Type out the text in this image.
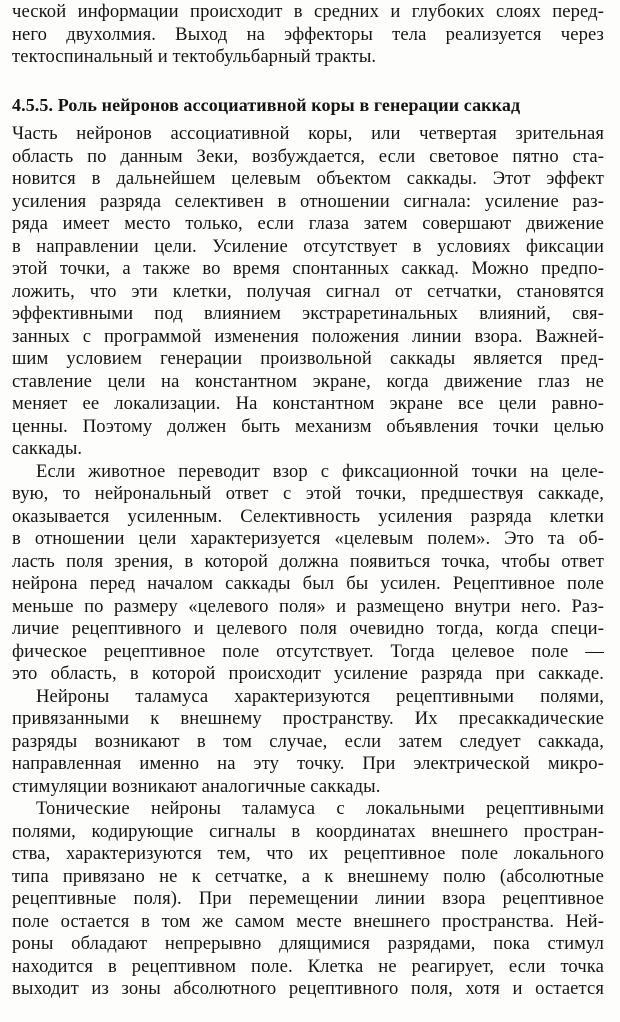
ческой информации происходит в средних и глубоких слоях перед-
него двухолмия. Выход на эффекторы тела реализуется через
тектоспинальный и тектобульбарный тракты.
4.5.5. Роль нейронов ассоциативной коры в генерации саккад
Часть нейронов ассоциативной коры, или четвертая зрительная
область по данным Зеки, возбуждается, если световое пятно ста-
новится в дальнейшем целевым объектом саккады. Этот эффект
усиления разряда селективен в отношении сигнала: усиление раз-
ряда имеет место только, если глаза затем совершают движение
в направлении цели. Усиление отсутствует в условиях фиксации
этой точки, а также во время спонтанных саккад. Можно предпо-
ложить, что эти клетки, получая сигнал от сетчатки, становятся
эффективными под влиянием экстраретинальных влияний, свя-
занных с программой изменения положения линии взора. Важней-
шим условием генерации произвольной саккады является пред-
ставление цели на константном экране, когда движение глаз не
меняет ее локализации. На константном экране все цели равно-
ценны. Поэтому должен быть механизм объявления точки целью
саккады.
Если животное переводит взор с фиксационной точки на целе-
вую, то нейрональный ответ с этой точки, предшествуя саккаде,
оказывается усиленным. Селективность усиления разряда клетки
в отношении цели характеризуется «целевым полем». Это та об-
ласть поля зрения, в которой должна появиться точка, чтобы ответ
нейрона перед началом саккады был бы усилен. Рецептивное поле
меньше по размеру «целевого поля» и размещено внутри него. Раз-
личие рецептивного и целевого поля очевидно тогда, когда специ-
фическое рецептивное поле отсутствует. Тогда целевое поле —
это область, в которой происходит усиление разряда при саккаде.
Нейроны таламуса характеризуются рецептивными полями,
привязанными к внешнему пространству. Их пресаккадические
разряды возникают в том случае, если затем следует саккада,
направленная именно на эту точку. При электрической микро-
стимуляции возникают аналогичные саккады.
Тонические нейроны таламуса с локальными рецептивными
полями, кодирующие сигналы в координатах внешнего простран-
ства, характеризуются тем, что их рецептивное поле локального
типа привязано не к сетчатке, а к внешнему полю (абсолютные
рецептивные поля). При перемещении линии взора рецептивное
поле остается в том же самом месте внешнего пространства. Ней-
роны обладают непрерывно длящимися разрядами, пока стимул
находится в рецептивном поле. Клетка не реагирует, если точка
выходит из зоны абсолютного рецептивного поля, хотя и остается
